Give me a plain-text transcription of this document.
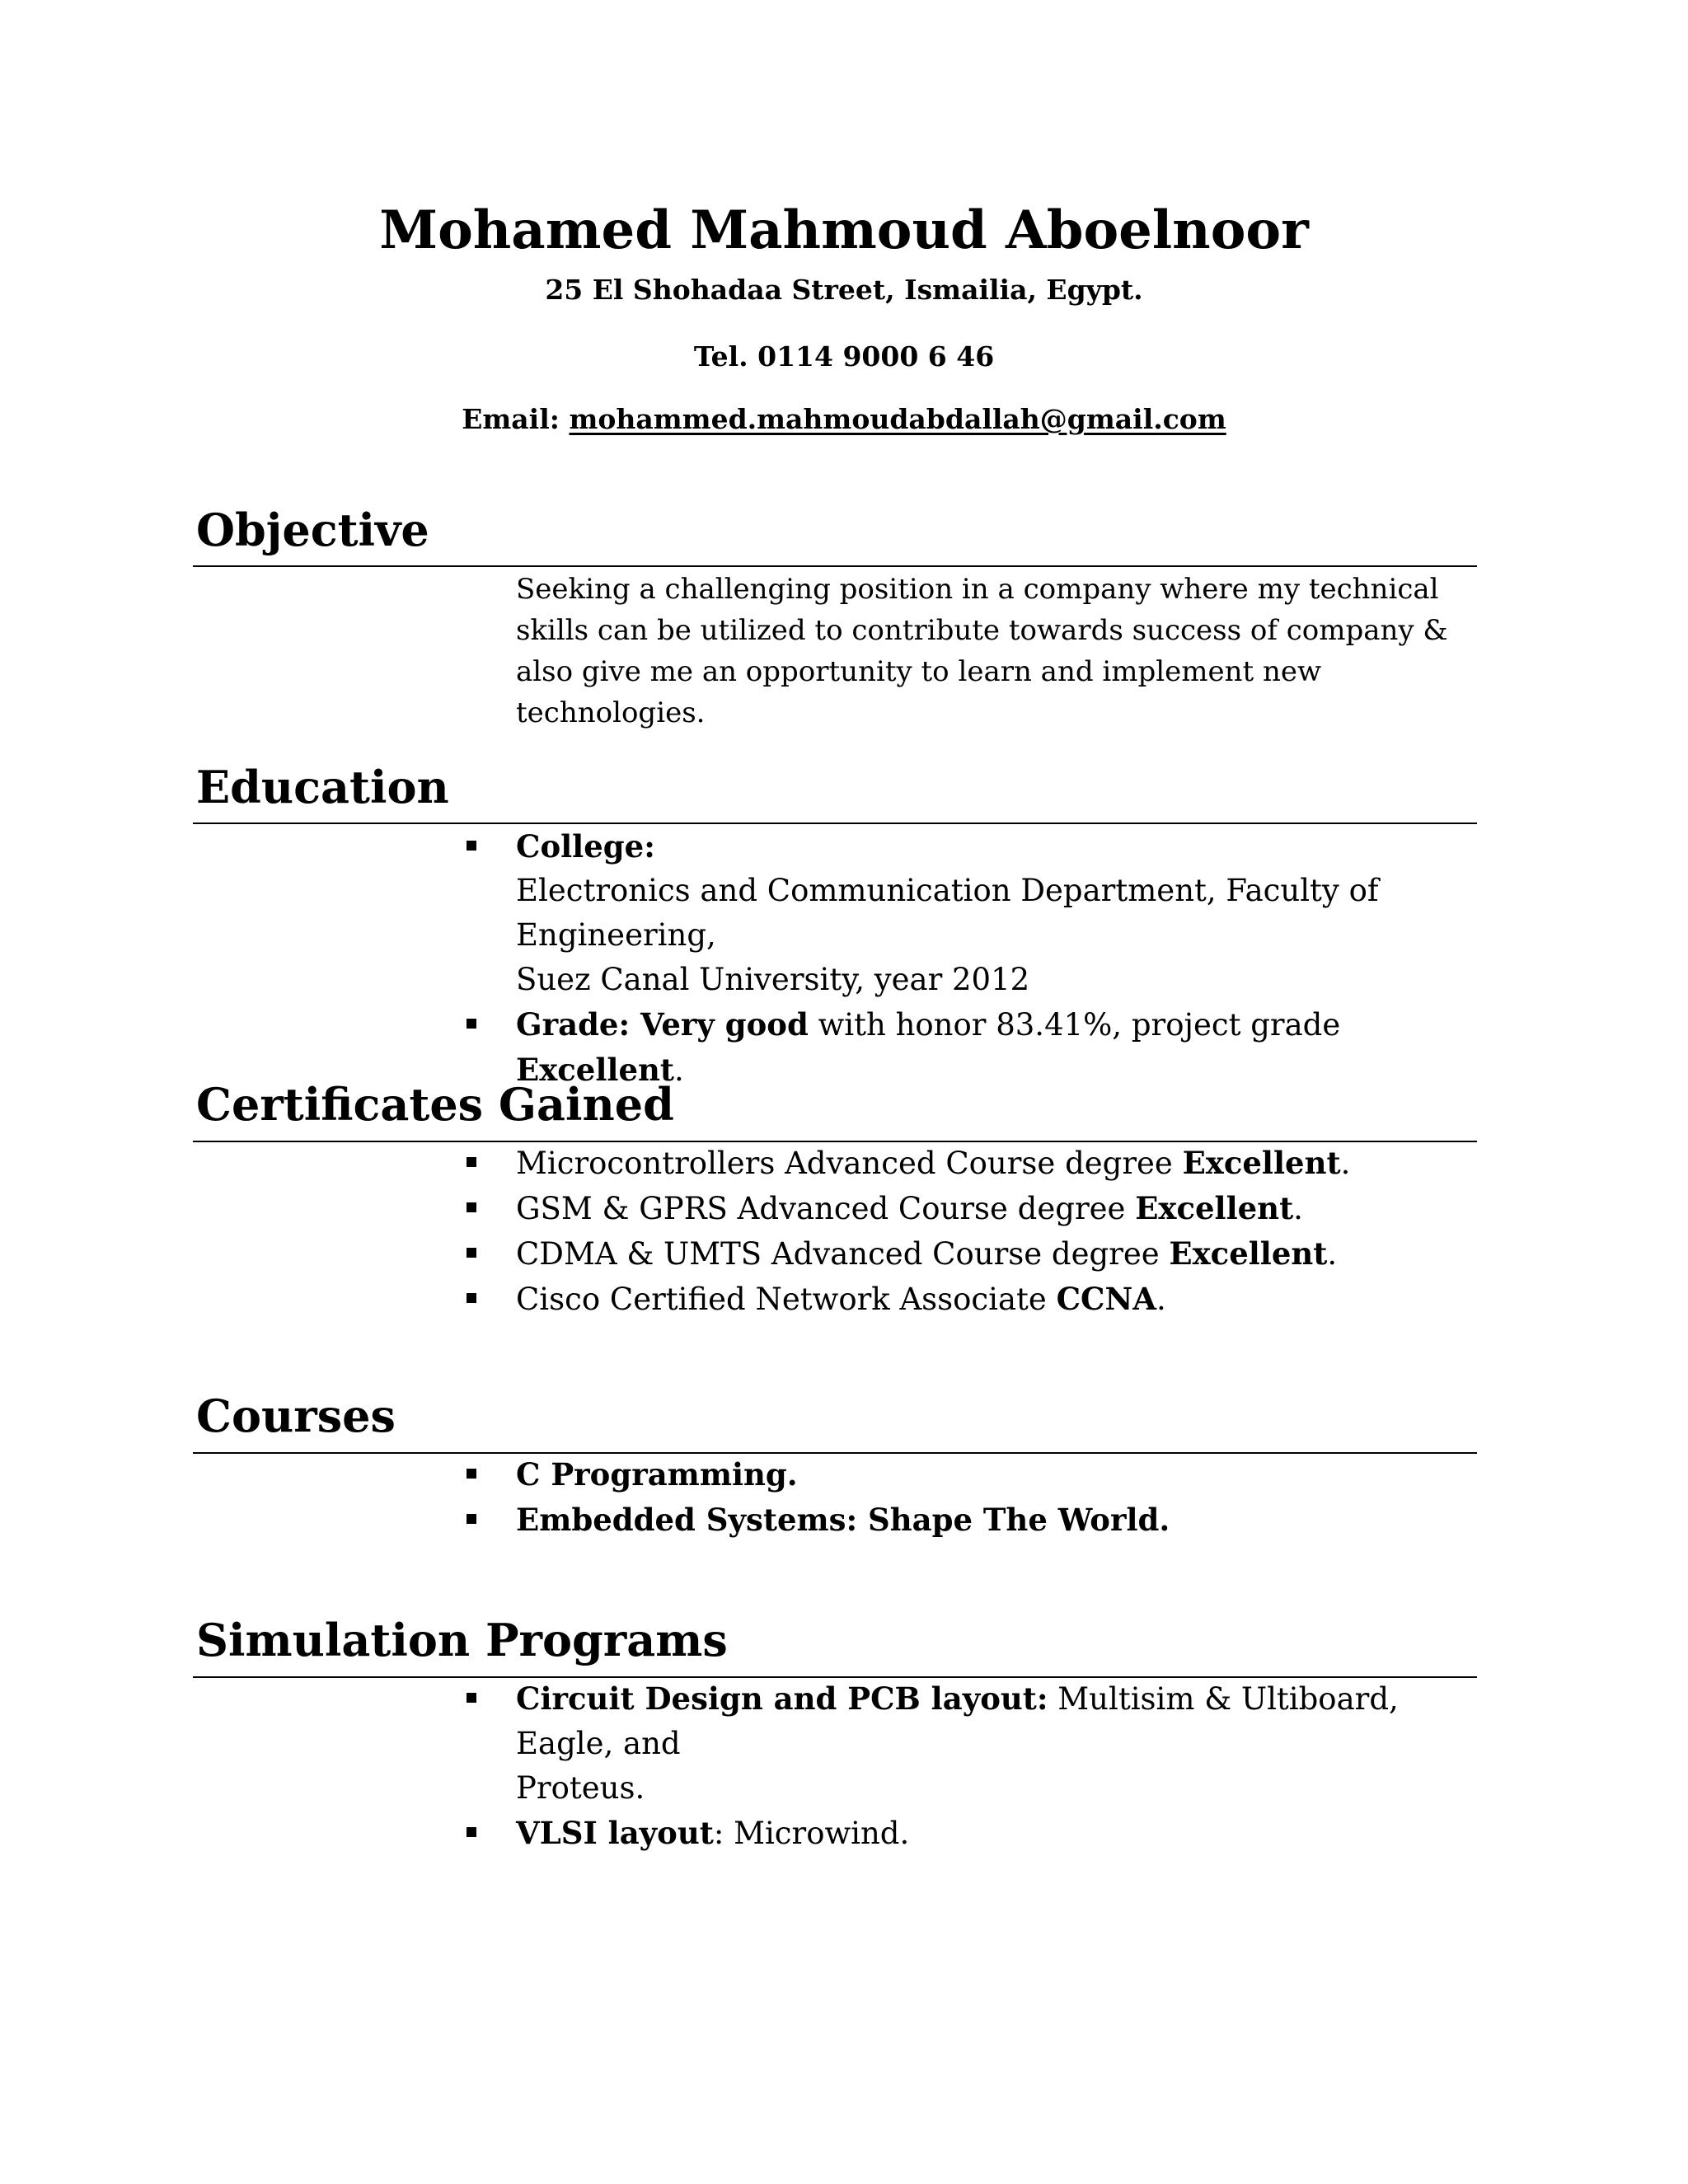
Mohamed Mahmoud Aboelnoor

25 El Shohadaa Street, Ismailia, Egypt.

Tel. 0114 9000 6 46

Email: mohammed.mahmoudabdallah@gmail.com

Objective

Seeking a challenging position in a company where my technical skills can be utilized to contribute towards success of company & also give me an opportunity to learn and implement new technologies.

Education
College:
Electronics and Communication Department, Faculty of Engineering,
Suez Canal University, year 2012
Grade: Very good with honor 83.41%, project grade Excellent.
Certificates Gained
Microcontrollers Advanced Course degree Excellent.
GSM & GPRS Advanced Course degree Excellent.
CDMA & UMTS Advanced Course degree Excellent.
Cisco Certified Network Associate CCNA.
Courses
C Programming.
Embedded Systems: Shape The World.
Simulation Programs
Circuit Design and PCB layout: Multisim & Ultiboard, Eagle, and
Proteus.
VLSI layout: Microwind.
